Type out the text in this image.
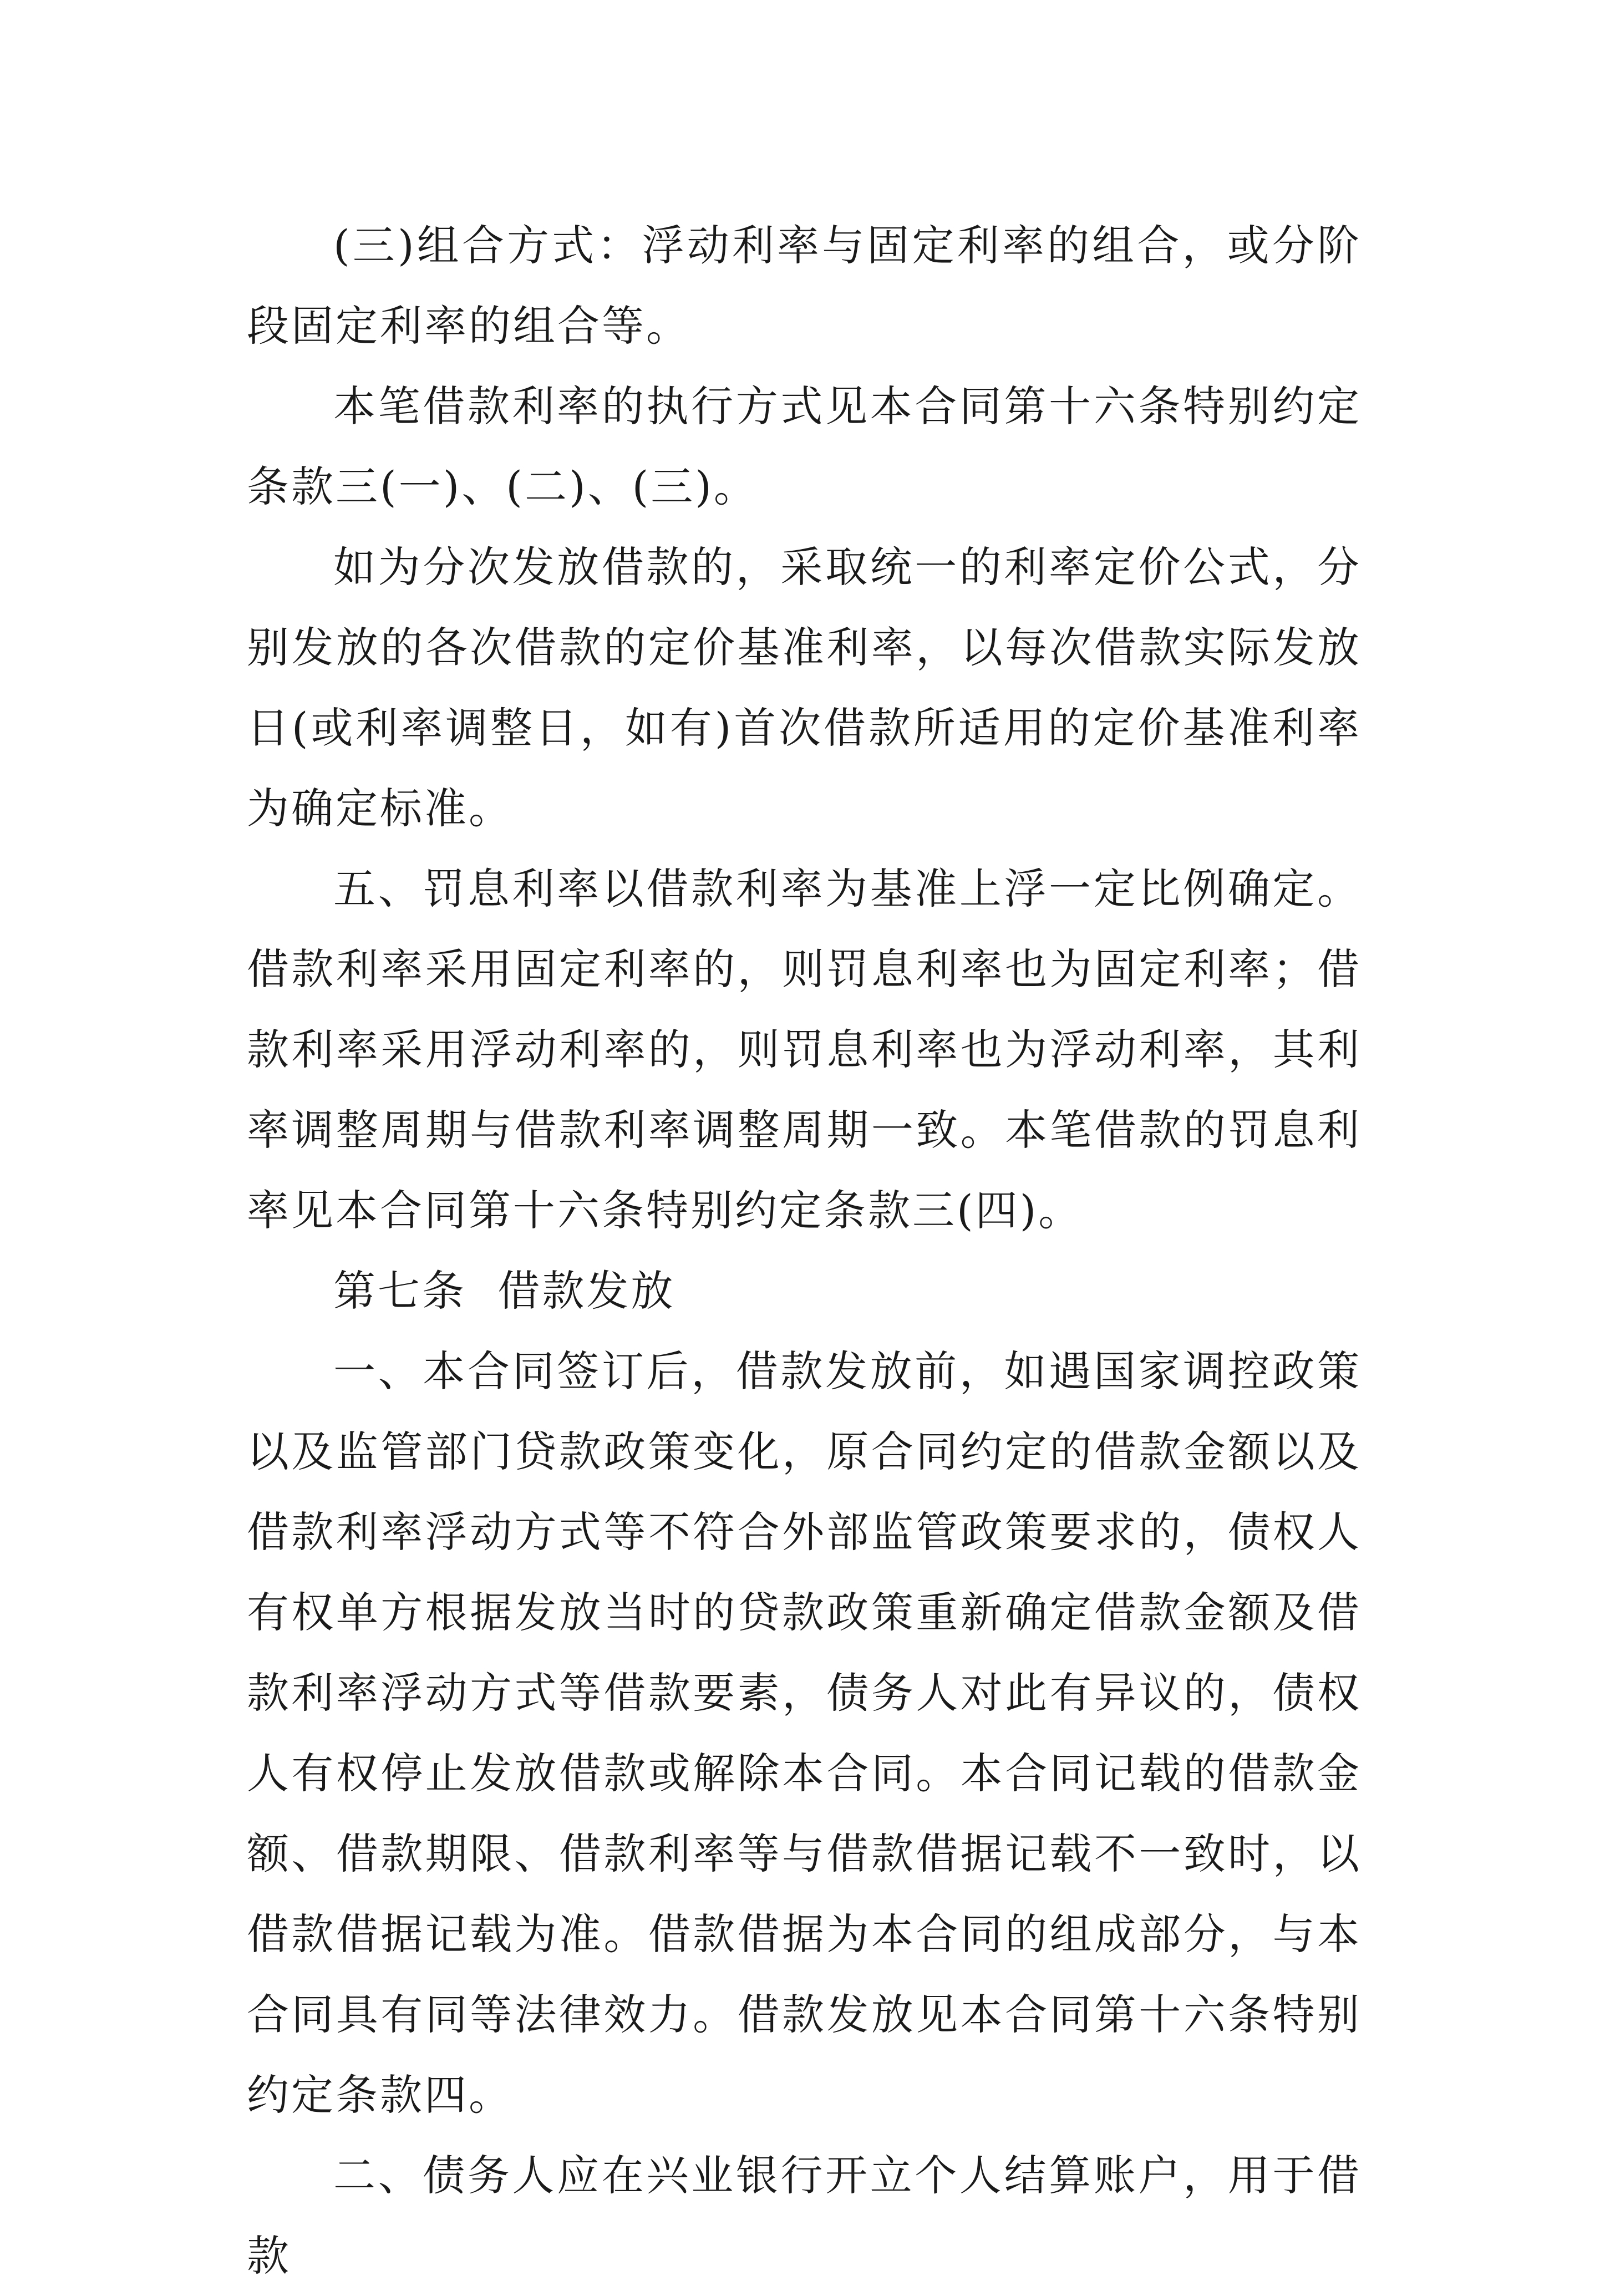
(三)组合方式：浮动利率与固定利率的组合，或分阶段固定利率的组合等。

本笔借款利率的执行方式见本合同第十六条特别约定条款三(一)、(二)、(三)。

如为分次发放借款的，采取统一的利率定价公式，分别发放的各次借款的定价基准利率，以每次借款实际发放日(或利率调整日，如有)首次借款所适用的定价基准利率为确定标准。

五、罚息利率以借款利率为基准上浮一定比例确定。借款利率采用固定利率的，则罚息利率也为固定利率；借款利率采用浮动利率的，则罚息利率也为浮动利率，其利率调整周期与借款利率调整周期一致。本笔借款的罚息利率见本合同第十六条特别约定条款三(四)。

第七条  借款发放

一、本合同签订后，借款发放前，如遇国家调控政策以及监管部门贷款政策变化，原合同约定的借款金额以及借款利率浮动方式等不符合外部监管政策要求的，债权人有权单方根据发放当时的贷款政策重新确定借款金额及借款利率浮动方式等借款要素，债务人对此有异议的，债权人有权停止发放借款或解除本合同。本合同记载的借款金额、借款期限、借款利率等与借款借据记载不一致时，以借款借据记载为准。借款借据为本合同的组成部分，与本合同具有同等法律效力。借款发放见本合同第十六条特别约定条款四。

二、债务人应在兴业银行开立个人结算账户，用于借款
